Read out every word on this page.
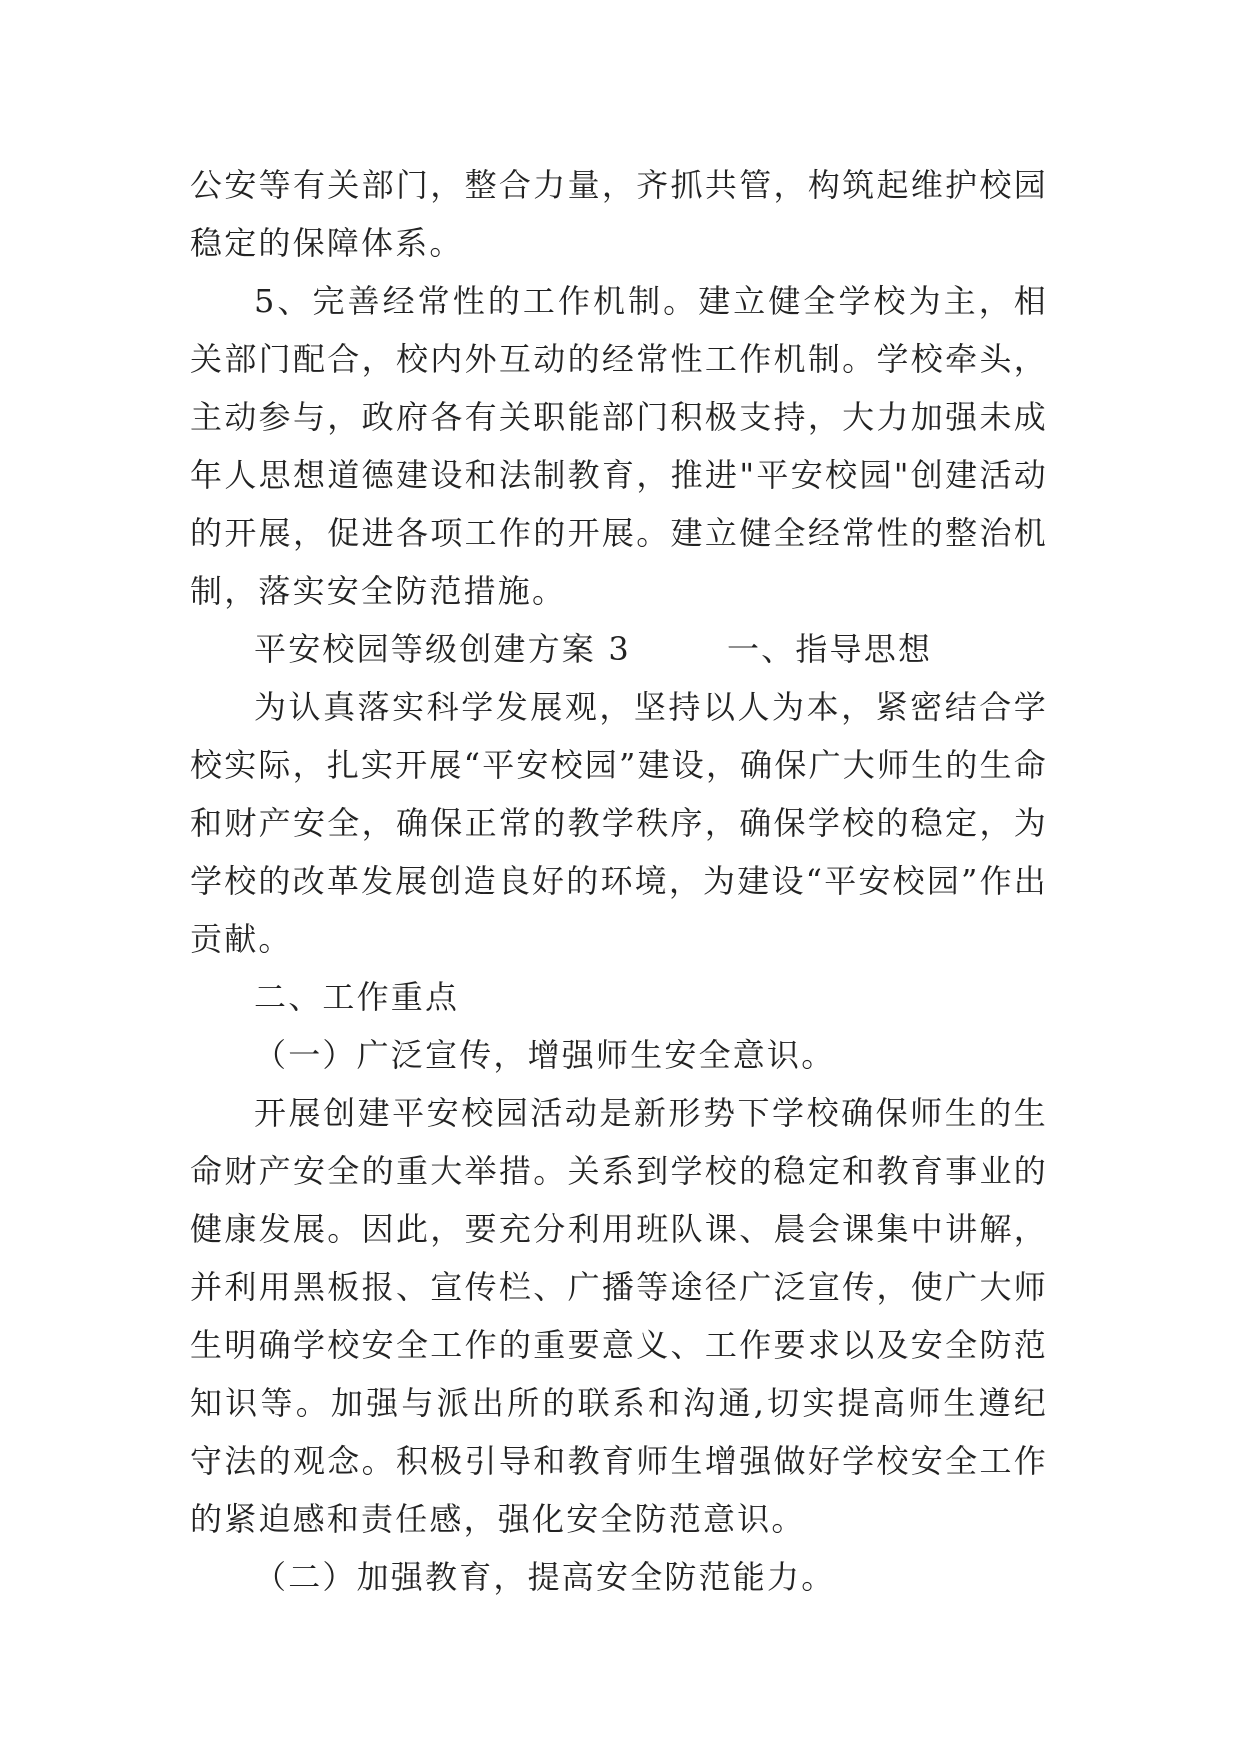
公安等有关部门，整合力量，齐抓共管，构筑起维护校园稳定的保障体系。

5、完善经常性的工作机制。建立健全学校为主，相关部门配合，校内外互动的经常性工作机制。学校牵头，主动参与，政府各有关职能部门积极支持，大力加强未成年人思想道德建设和法制教育，推进"平安校园"创建活动的开展，促进各项工作的开展。建立健全经常性的整治机制，落实安全防范措施。

平安校园等级创建方案 3	一、指导思想

为认真落实科学发展观，坚持以人为本，紧密结合学校实际，扎实开展“平安校园”建设，确保广大师生的生命和财产安全，确保正常的教学秩序，确保学校的稳定，为学校的改革发展创造良好的环境，为建设“平安校园”作出贡献。

二、工作重点

（一）广泛宣传，增强师生安全意识。

开展创建平安校园活动是新形势下学校确保师生的生命财产安全的重大举措。关系到学校的稳定和教育事业的健康发展。因此，要充分利用班队课、晨会课集中讲解，并利用黑板报、宣传栏、广播等途径广泛宣传，使广大师生明确学校安全工作的重要意义、工作要求以及安全防范知识等。加强与派出所的联系和沟通,切实提高师生遵纪守法的观念。积极引导和教育师生增强做好学校安全工作的紧迫感和责任感，强化安全防范意识。

（二）加强教育，提高安全防范能力。
